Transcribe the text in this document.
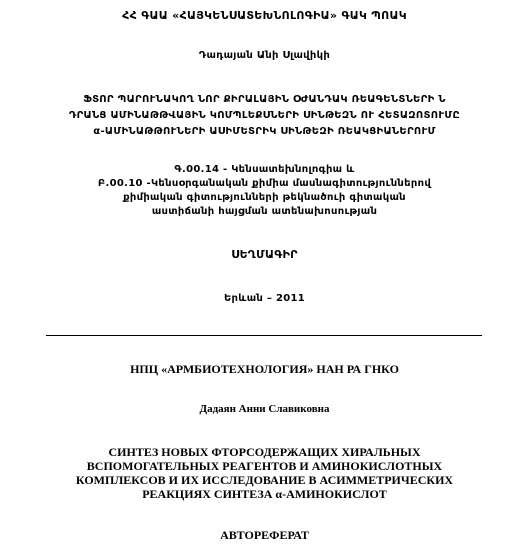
ՀՀ ԳԱԱ «ՀԱՅԿԵՆՍԱՏԵԽՆՈԼՈԳԻԱ» ԳԱԿ ՊՈԱԿ
Դադայան Անի Սլավիկի
ՖՏՈՐ ՊԱՐՈՒՆԱԿՈՂ ՆՈՐ ՔԻՐԱԼԱՅԻՆ ՕԺԱՆԴԱԿ ՌԵԱԳԵՆՏՆԵՐԻ Ն
ԴՐԱՆՑ ԱՄԻՆԱԹԹՎԱՅԻՆ ԿՈՄՊԼԵՔՍՆԵՐԻ ՍԻՆԹԵԶՆ ՈՒ ՀԵՏԱԶՈՏՈՒՄԸ
α-ԱՄԻՆԱԹԹՈՒՆԵՐԻ ԱՍԻՄԵՏՐԻԿ ՍԻՆԹԵԶԻ ՌԵԱԿՑԻԱՆԵՐՈՒՄ
Գ.00.14 - Կենսատեխնոլոգիա և
Բ.00.10 -Կենսօրգանական քիմիա մասնագիտություններով
քիմիական գիտությունների թեկնածուի գիտական
աստիճանի հայցման ատենախոսության
ՍԵՂՄԱԳԻՐ
Երևան – 2011
НПЦ «АРМБИОТЕХНОЛОГИЯ» НАН РА ГНКО
Дадаян Анни Славиковна
СИНТЕЗ НОВЫХ ФТОРСОДЕРЖАЩИХ ХИРАЛЬНЫХ
ВСПОМОГАТЕЛЬНЫХ РЕАГЕНТОВ И АМИНОКИСЛОТНЫХ
КОМПЛЕКСОВ И ИХ ИССЛЕДОВАНИЕ В АСИММЕТРИЧЕСКИХ
РЕАКЦИЯХ СИНТЕЗА α-АМИНОКИСЛОТ
АВТОРЕФЕРАТ
